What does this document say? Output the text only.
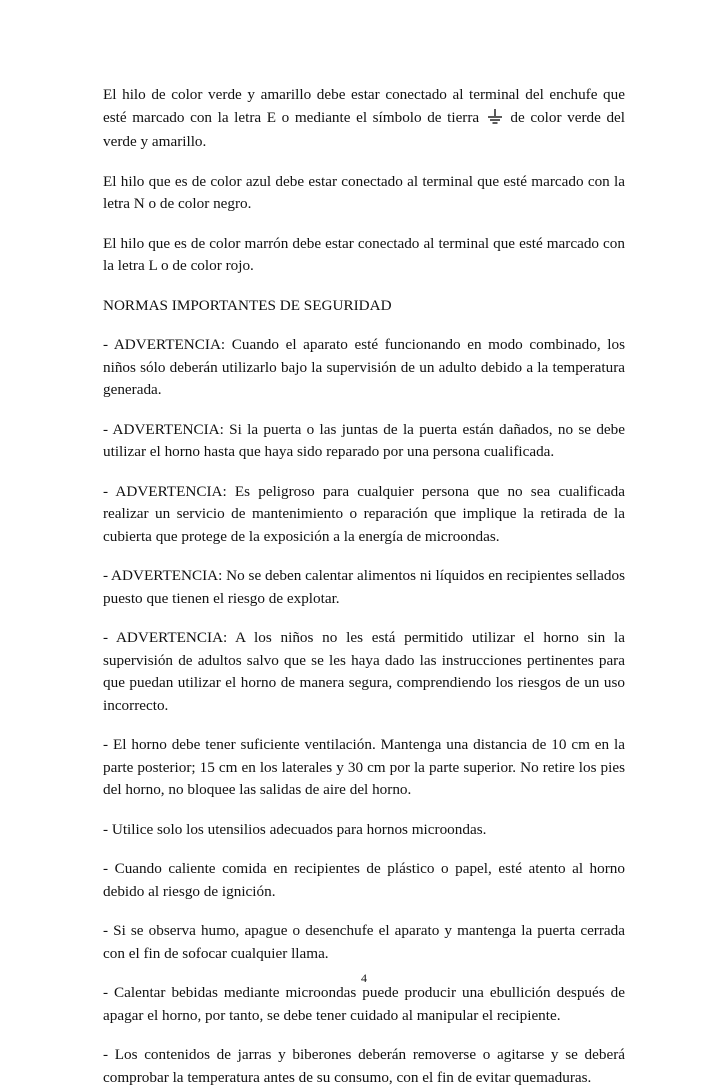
El hilo de color verde y amarillo debe estar conectado al terminal del enchufe que esté marcado con la letra E o mediante el símbolo de tierra de color verde del verde y amarillo.

El hilo que es de color azul debe estar conectado al terminal que esté marcado con la letra N o de color negro.

El hilo que es de color marrón debe estar conectado al terminal que esté marcado con la letra L o de color rojo.

NORMAS IMPORTANTES DE SEGURIDAD

- ADVERTENCIA: Cuando el aparato esté funcionando en modo combinado, los niños sólo deberán utilizarlo bajo la supervisión de un adulto debido a la temperatura generada.

- ADVERTENCIA: Si la puerta o las juntas de la puerta están dañados, no se debe utilizar el horno hasta que haya sido reparado por una persona cualificada.

- ADVERTENCIA: Es peligroso para cualquier persona que no sea cualificada realizar un servicio de mantenimiento o reparación que implique la retirada de la cubierta que protege de la exposición a la energía de microondas.

- ADVERTENCIA: No se deben calentar alimentos ni líquidos en recipientes sellados puesto que tienen el riesgo de explotar.

- ADVERTENCIA: A los niños no les está permitido utilizar el horno sin la supervisión de adultos salvo que se les haya dado las instrucciones pertinentes para que puedan utilizar el horno de manera segura, comprendiendo los riesgos de un uso incorrecto.

- El horno debe tener suficiente ventilación. Mantenga una distancia de 10 cm en la parte posterior; 15 cm en los laterales y 30 cm por la parte superior. No retire los pies del horno, no bloquee las salidas de aire del horno.

- Utilice solo los utensilios adecuados para hornos microondas.

- Cuando caliente comida en recipientes de plástico o papel, esté atento al horno debido al riesgo de ignición.

- Si se observa humo, apague o desenchufe el aparato y mantenga la puerta cerrada con el fin de sofocar cualquier llama.

- Calentar bebidas mediante microondas puede producir una ebullición después de apagar el horno, por tanto, se debe tener cuidado al manipular el recipiente.

- Los contenidos de jarras y biberones deberán removerse o agitarse y se deberá comprobar la temperatura antes de su consumo, con el fin de evitar quemaduras.

4
